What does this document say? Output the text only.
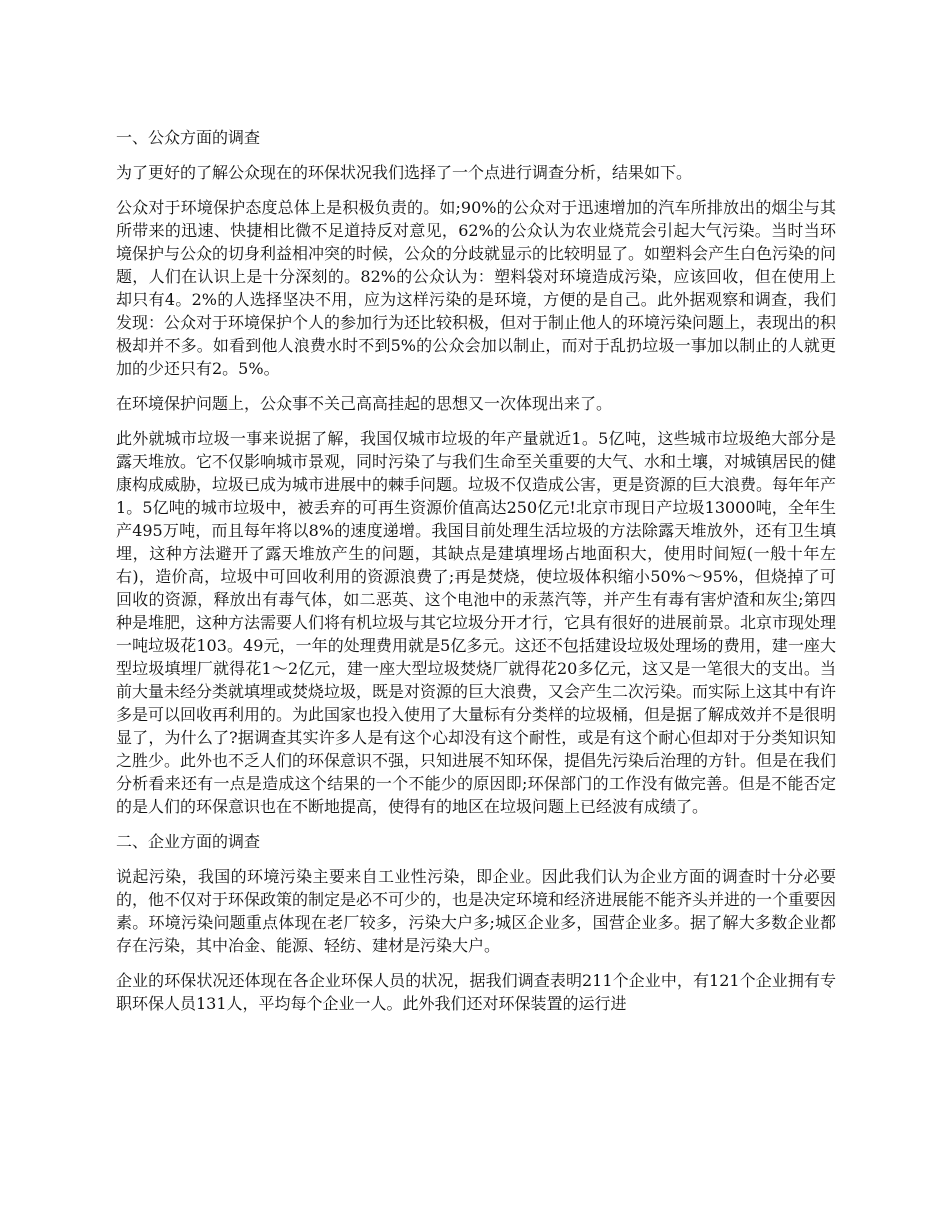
一、公众方面的调查

为了更好的了解公众现在的环保状况我们选择了一个点进行调查分析，结果如下。

公众对于环境保护态度总体上是积极负责的。如;90%的公众对于迅速增加的汽车所排放出的烟尘与其所带来的迅速、快捷相比微不足道持反对意见，62%的公众认为农业烧荒会引起大气污染。当时当环境保护与公众的切身利益相冲突的时候，公众的分歧就显示的比较明显了。如塑料会产生白色污染的问题，人们在认识上是十分深刻的。82%的公众认为：塑料袋对环境造成污染，应该回收，但在使用上却只有4。2%的人选择坚决不用，应为这样污染的是环境，方便的是自己。此外据观察和调查，我们发现：公众对于环境保护个人的参加行为还比较积极，但对于制止他人的环境污染问题上，表现出的积极却并不多。如看到他人浪费水时不到5%的公众会加以制止，而对于乱扔垃圾一事加以制止的人就更加的少还只有2。5%。

在环境保护问题上，公众事不关己高高挂起的思想又一次体现出来了。

此外就城市垃圾一事来说据了解，我国仅城市垃圾的年产量就近1。5亿吨，这些城市垃圾绝大部分是露天堆放。它不仅影响城市景观，同时污染了与我们生命至关重要的大气、水和土壤，对城镇居民的健康构成威胁，垃圾已成为城市进展中的棘手问题。垃圾不仅造成公害，更是资源的巨大浪费。每年年产1。5亿吨的城市垃圾中，被丢弃的可再生资源价值高达250亿元!北京市现日产垃圾13000吨，全年生产495万吨，而且每年将以8%的速度递增。我国目前处理生活垃圾的方法除露天堆放外，还有卫生填埋，这种方法避开了露天堆放产生的问题，其缺点是建填埋场占地面积大，使用时间短(一般十年左右)，造价高，垃圾中可回收利用的资源浪费了;再是焚烧，使垃圾体积缩小50%～95%，但烧掉了可回收的资源，释放出有毒气体，如二恶英、这个电池中的汞蒸汽等，并产生有毒有害炉渣和灰尘;第四种是堆肥，这种方法需要人们将有机垃圾与其它垃圾分开才行，它具有很好的进展前景。北京市现处理一吨垃圾花103。49元，一年的处理费用就是5亿多元。这还不包括建设垃圾处理场的费用，建一座大型垃圾填埋厂就得花1～2亿元，建一座大型垃圾焚烧厂就得花20多亿元，这又是一笔很大的支出。当前大量未经分类就填埋或焚烧垃圾，既是对资源的巨大浪费，又会产生二次污染。而实际上这其中有许多是可以回收再利用的。为此国家也投入使用了大量标有分类样的垃圾桶，但是据了解成效并不是很明显了，为什么了?据调查其实许多人是有这个心却没有这个耐性，或是有这个耐心但却对于分类知识知之胜少。此外也不乏人们的环保意识不强，只知进展不知环保，提倡先污染后治理的方针。但是在我们分析看来还有一点是造成这个结果的一个不能少的原因即;环保部门的工作没有做完善。但是不能否定的是人们的环保意识也在不断地提高，使得有的地区在垃圾问题上已经波有成绩了。

二、企业方面的调查

说起污染，我国的环境污染主要来自工业性污染，即企业。因此我们认为企业方面的调查时十分必要的，他不仅对于环保政策的制定是必不可少的，也是决定环境和经济进展能不能齐头并进的一个重要因素。环境污染问题重点体现在老厂较多，污染大户多;城区企业多，国营企业多。据了解大多数企业都存在污染，其中冶金、能源、轻纺、建材是污染大户。

企业的环保状况还体现在各企业环保人员的状况，据我们调查表明211个企业中，有121个企业拥有专职环保人员131人，平均每个企业一人。此外我们还对环保装置的运行进
